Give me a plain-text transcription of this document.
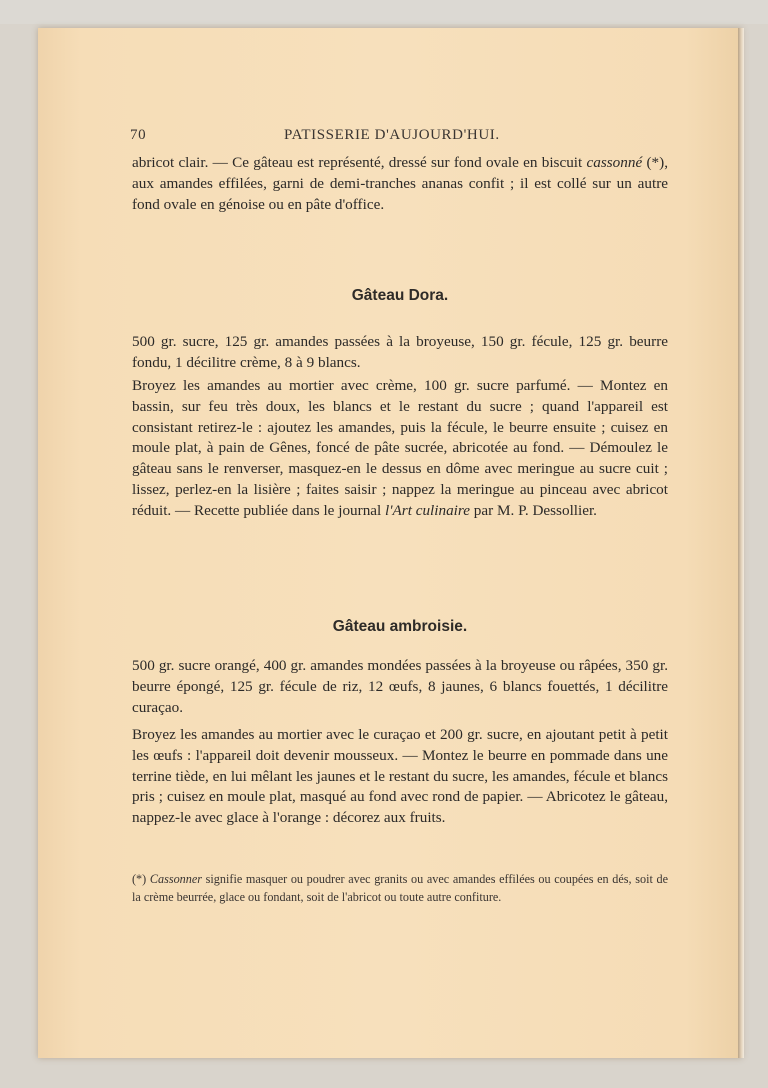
70	PATISSERIE D'AUJOURD'HUI.

abricot clair. — Ce gâteau est représenté, dressé sur fond ovale en biscuit cassonné (*), aux amandes effilées, garni de demi-tranches ananas confit ; il est collé sur un autre fond ovale en génoise ou en pâte d'office.

Gâteau Dora.

500 gr. sucre, 125 gr. amandes passées à la broyeuse, 150 gr. fécule, 125 gr. beurre fondu, 1 décilitre crème, 8 à 9 blancs.

Broyez les amandes au mortier avec crème, 100 gr. sucre parfumé. — Montez en bassin, sur feu très doux, les blancs et le restant du sucre ; quand l'appareil est consistant retirez-le : ajoutez les amandes, puis la fécule, le beurre ensuite ; cuisez en moule plat, à pain de Gênes, foncé de pâte sucrée, abricotée au fond. — Démoulez le gâteau sans le renverser, masquez-en le dessus en dôme avec meringue au sucre cuit ; lissez, perlez-en la lisière ; faites saisir ; nappez la meringue au pinceau avec abricot réduit. — Recette publiée dans le journal l'Art culinaire par M. P. Dessollier.

Gâteau ambroisie.

500 gr. sucre orangé, 400 gr. amandes mondées passées à la broyeuse ou râpées, 350 gr. beurre épongé, 125 gr. fécule de riz, 12 œufs, 8 jaunes, 6 blancs fouettés, 1 décilitre curaçao.

Broyez les amandes au mortier avec le curaçao et 200 gr. sucre, en ajoutant petit à petit les œufs : l'appareil doit devenir mousseux. — Montez le beurre en pommade dans une terrine tiède, en lui mêlant les jaunes et le restant du sucre, les amandes, fécule et blancs pris ; cuisez en moule plat, masqué au fond avec rond de papier. — Abricotez le gâteau, nappez-le avec glace à l'orange : décorez aux fruits.

(*) Cassonner signifie masquer ou poudrer avec granits ou avec amandes effilées ou coupées en dés, soit de la crème beurrée, glace ou fondant, soit de l'abricot ou toute autre confiture.
